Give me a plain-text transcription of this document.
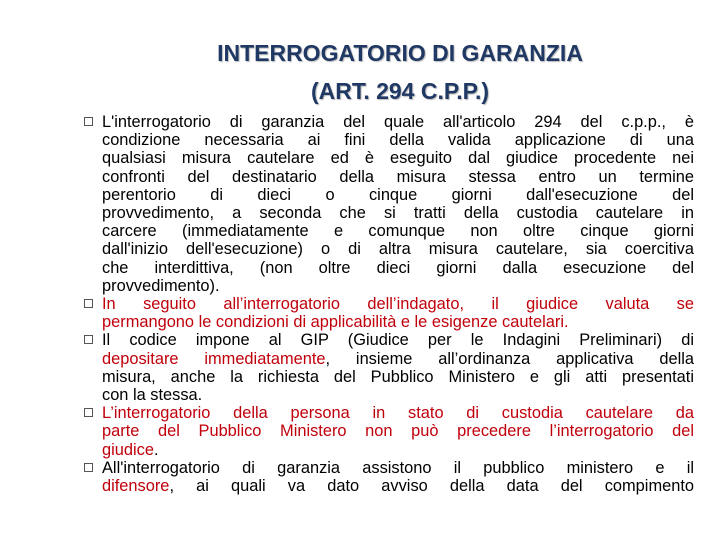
INTERROGATORIO DI GARANZIA
(ART. 294 C.P.P.)
L'interrogatorio di garanzia del quale all'articolo 294 del c.p.p., è
condizione necessaria ai fini della valida applicazione di una
qualsiasi misura cautelare ed è eseguito dal giudice procedente nei
confronti del destinatario della misura stessa entro un termine
perentorio di dieci o cinque giorni dall'esecuzione del
provvedimento, a seconda che si tratti della custodia cautelare in
carcere (immediatamente e comunque non oltre cinque giorni
dall'inizio dell'esecuzione) o di altra misura cautelare, sia coercitiva
che interdittiva, (non oltre dieci giorni dalla esecuzione del
provvedimento).
In seguito all’interrogatorio dell’indagato, il giudice valuta se
permangono le condizioni di applicabilità e le esigenze cautelari.
Il codice impone al GIP (Giudice per le Indagini Preliminari) di
depositare immediatamente, insieme all’ordinanza applicativa della
misura, anche la richiesta del Pubblico Ministero e gli atti presentati
con la stessa.
L’interrogatorio della persona in stato di custodia cautelare da
parte del Pubblico Ministero non può precedere l’interrogatorio del
giudice.
All'interrogatorio di garanzia assistono il pubblico ministero e il
difensore, ai quali va dato avviso della data del compimento
